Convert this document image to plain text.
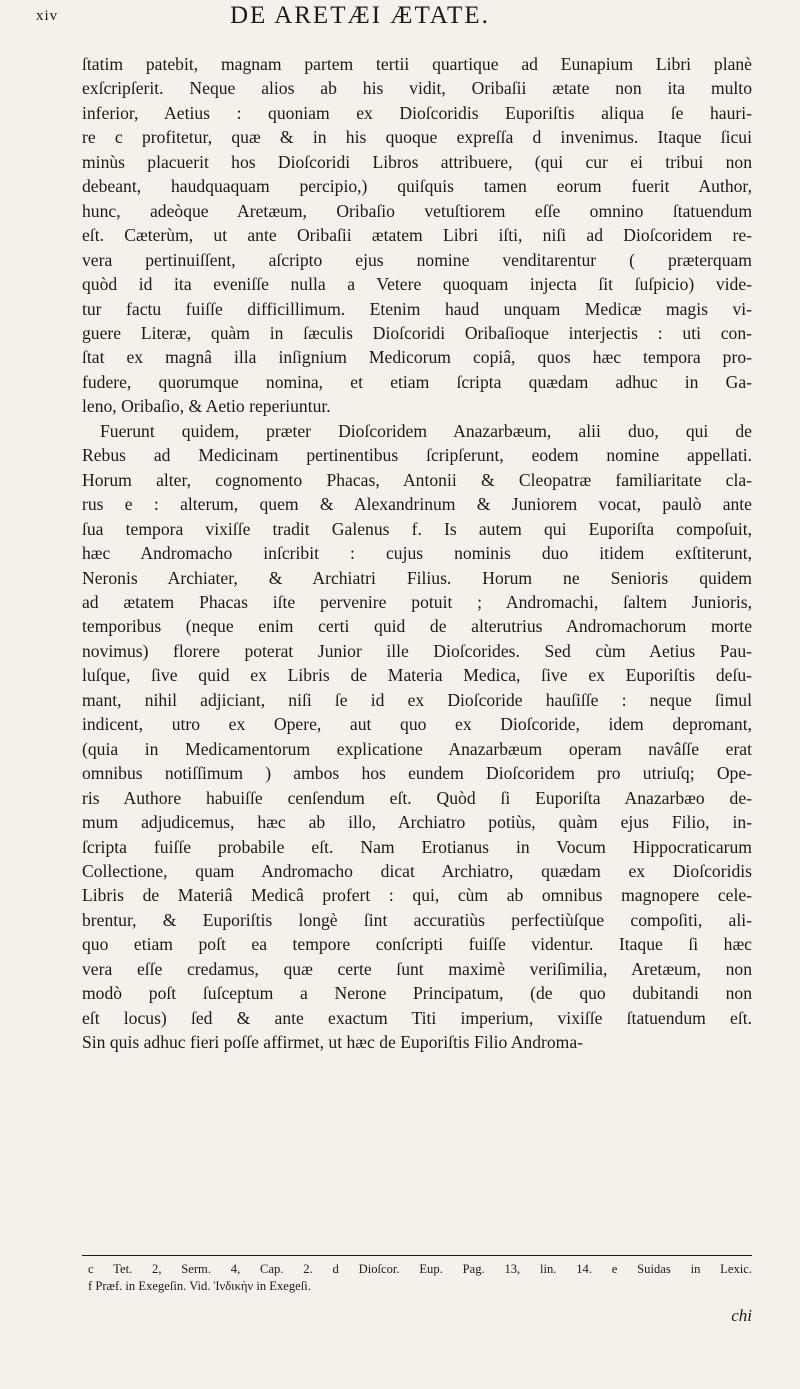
xiv	DE ARETÆI ÆTATE.
ſtatim patebit, magnam partem tertii quartique ad Eunapium Libri planè
exſcripſerit. Neque alios ab his vidit, Oribaſii ætate non ita multo
inferior, Aetius : quoniam ex Dioſcoridis Euporiſtis aliqua ſe hauri-
re c profitetur, quæ & in his quoque expreſſa d invenimus. Itaque ſicui
minùs placuerit hos Dioſcoridi Libros attribuere, (qui cur ei tribui non
debeant, haudquaquam percipio,) quiſquis tamen eorum fuerit Author,
hunc, adeòque Aretæum, Oribaſio vetuſtiorem eſſe omnino ſtatuendum
eſt. Cæterùm, ut ante Oribaſii ætatem Libri iſti, niſi ad Dioſcoridem re-
vera pertinuiſſent, aſcripto ejus nomine venditarentur ( præterquam
quòd id ita eveniſſe nulla a Vetere quoquam injecta ſit ſuſpicio) vide-
tur factu fuiſſe difficillimum. Etenim haud unquam Medicæ magis vi-
guere Literæ, quàm in ſæculis Dioſcoridi Oribaſioque interjectis : uti con-
ſtat ex magnâ illa inſignium Medicorum copiâ, quos hæc tempora pro-
fudere, quorumque nomina, et etiam ſcripta quædam adhuc in Ga-
leno, Oribaſio, & Aetio reperiuntur.
Fuerunt quidem, præter Dioſcoridem Anazarbæum, alii duo, qui de
Rebus ad Medicinam pertinentibus ſcripſerunt, eodem nomine appellati.
Horum alter, cognomento Phacas, Antonii & Cleopatræ familiaritate cla-
rus e : alterum, quem & Alexandrinum & Juniorem vocat, paulò ante
ſua tempora vixiſſe tradit Galenus f. Is autem qui Euporiſta compoſuit,
hæc Andromacho inſcribit : cujus nominis duo itidem exſtiterunt,
Neronis Archiater, & Archiatri Filius. Horum ne Senioris quidem
ad ætatem Phacas iſte pervenire potuit ; Andromachi, ſaltem Junioris,
temporibus (neque enim certi quid de alterutrius Andromachorum morte
novimus) florere poterat Junior ille Dioſcorides. Sed cùm Aetius Pau-
luſque, ſive quid ex Libris de Materia Medica, ſive ex Euporiſtis deſu-
mant, nihil adjiciant, niſi ſe id ex Dioſcoride hauſiſſe : neque ſimul
indicent, utro ex Opere, aut quo ex Dioſcoride, idem depromant,
(quia in Medicamentorum explicatione Anazarbæum operam navâſſe erat
omnibus notiſſimum ) ambos hos eundem Dioſcoridem pro utriuſq; Ope-
ris Authore habuiſſe cenſendum eſt. Quòd ſi Euporiſta Anazarbæo de-
mum adjudicemus, hæc ab illo, Archiatro potiùs, quàm ejus Filio, in-
ſcripta fuiſſe probabile eſt. Nam Erotianus in Vocum Hippocraticarum
Collectione, quam Andromacho dicat Archiatro, quædam ex Dioſcoridis
Libris de Materiâ Medicâ profert : qui, cùm ab omnibus magnopere cele-
brentur, & Euporiſtis longè ſint accuratiùs perfectiùſque compoſiti, ali-
quo etiam poſt ea tempore conſcripti fuiſſe videntur. Itaque ſi hæc
vera eſſe credamus, quæ certe ſunt maximè veriſimilia, Aretæum, non
modò poſt ſuſceptum a Nerone Principatum, (de quo dubitandi non
eſt locus) ſed & ante exactum Titi imperium, vixiſſe ſtatuendum eſt.
Sin quis adhuc fieri poſſe affirmet, ut hæc de Euporiſtis Filio Androma-
c Tet. 2, Serm. 4, Cap. 2. d Dioſcor. Eup. Pag. 13, lin. 14. e Suidas in Lexic.
f Præf. in Exegeſin. Vid. Ἰνδικὴν in Exegeſi.
chi
